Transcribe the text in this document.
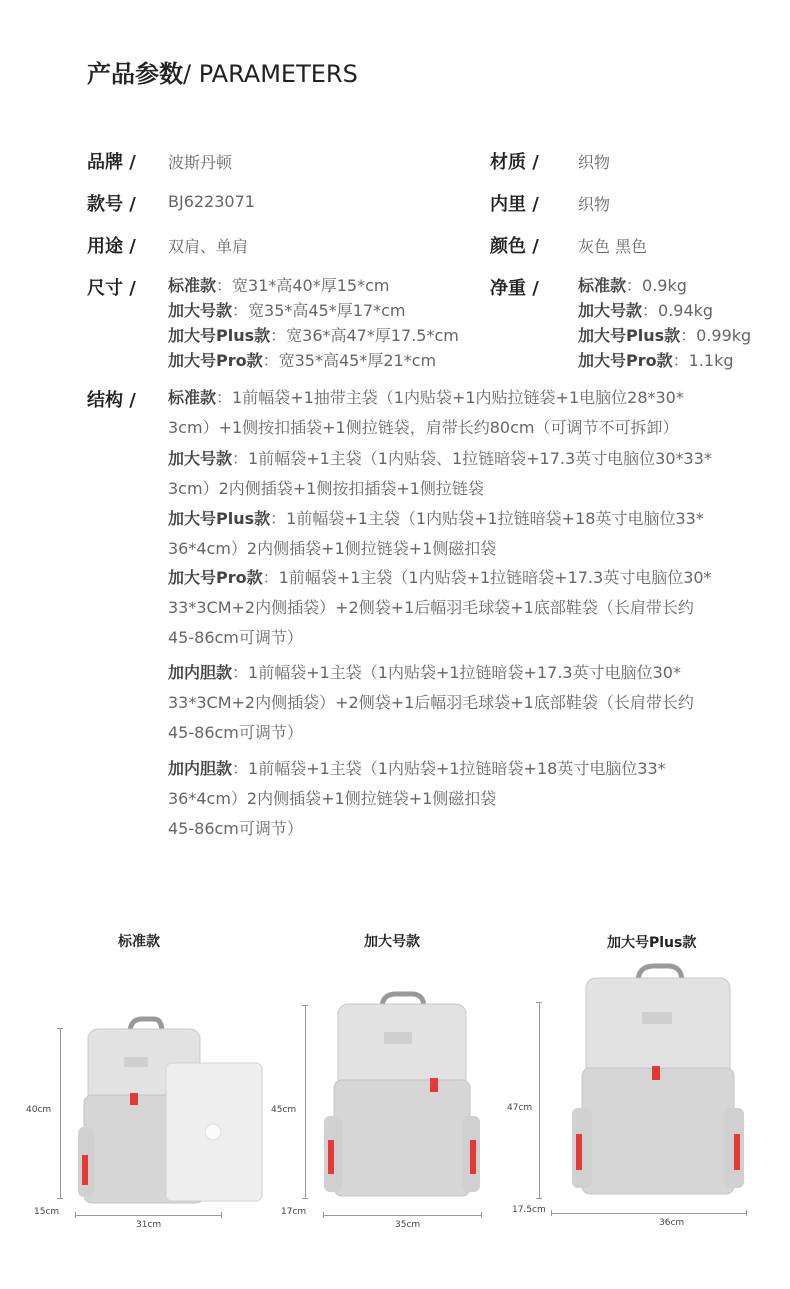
产品参数/ PARAMETERS
品牌 / 波斯丹顿
款号 / BJ6223071
用途 / 双肩、单肩
材质 / 织物
内里 / 织物
颜色 / 灰色 黑色
尺寸 / 标准款：宽31*高40*厚15*cm
加大号款：宽35*高45*厚17*cm
加大号Plus款：宽36*高47*厚17.5*cm
加大号Pro款：宽35*高45*厚21*cm
净重 / 标准款：0.9kg
加大号款：0.94kg
加大号Plus款：0.99kg
加大号Pro款：1.1kg
结构 / 标准款：1前幅袋+1抽带主袋（1内贴袋+1内贴拉链袋+1电脑位28*30*
3cm）+1侧按扣插袋+1侧拉链袋，肩带长约80cm（可调节不可拆卸）
加大号款：1前幅袋+1主袋（1内贴袋、1拉链暗袋+17.3英寸电脑位30*33*
3cm）2内侧插袋+1侧按扣插袋+1侧拉链袋
加大号Plus款：1前幅袋+1主袋（1内贴袋+1拉链暗袋+18英寸电脑位33*
36*4cm）2内侧插袋+1侧拉链袋+1侧磁扣袋
加大号Pro款：1前幅袋+1主袋（1内贴袋+1拉链暗袋+17.3英寸电脑位30*
33*3CM+2内侧插袋）+2侧袋+1后幅羽毛球袋+1底部鞋袋（长肩带长约
45-86cm可调节）
加内胆款：1前幅袋+1主袋（1内贴袋+1拉链暗袋+17.3英寸电脑位30*
33*3CM+2内侧插袋）+2侧袋+1后幅羽毛球袋+1底部鞋袋（长肩带长约
45-86cm可调节）
加内胆款：1前幅袋+1主袋（1内贴袋+1拉链暗袋+18英寸电脑位33*
36*4cm）2内侧插袋+1侧拉链袋+1侧磁扣袋
45-86cm可调节）
标准款	加大号款	加大号Plus款
40cm
15cm
31cm
45cm
17cm
35cm
47cm
17.5cm
36cm
